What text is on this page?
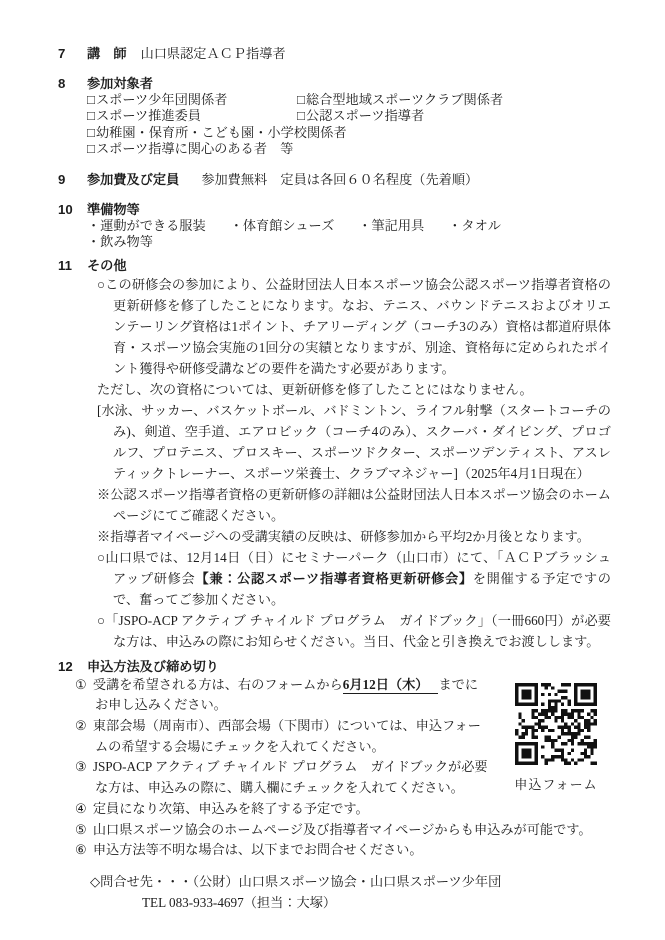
7	講　師 山口県認定ＡＣＰ指導者
8	参加対象者
□スポーツ少年団関係者	□総合型地域スポーツクラブ関係者
□スポーツ推進委員	□公認スポーツ指導者
□幼稚園・保育所・こども園・小学校関係者
□スポーツ指導に関心のある者　等
9	参加費及び定員 参加費無料　定員は各回６０名程度（先着順）
10	準備物等
・運動ができる服装 ・体育館シューズ ・筆記用具 ・タオル
・飲み物等
11	その他
○この研修会の参加により、公益財団法人日本スポーツ協会公認スポーツ指導者資格の更新研修を修了したことになります。なお、テニス、バウンドテニスおよびオリエンテーリング資格は1ポイント、チアリーディング（コーチ3のみ）資格は都道府県体育・スポーツ協会実施の1回分の実績となりますが、別途、資格毎に定められたポイント獲得や研修受講などの要件を満たす必要があります。
ただし、次の資格については、更新研修を修了したことにはなりません。
[水泳、サッカー、バスケットボール、バドミントン、ライフル射撃（スタートコーチのみ)、剣道、空手道、エアロビック（コーチ4のみ）、スクーバ・ダイビング、プロゴルフ、プロテニス、プロスキー、スポーツドクター、スポーツデンティスト、アスレティックトレーナー、スポーツ栄養士、クラブマネジャー]（2025年4月1日現在）
※公認スポーツ指導者資格の更新研修の詳細は公益財団法人日本スポーツ協会のホームページにてご確認ください。
※指導者マイページへの受講実績の反映は、研修参加から平均2か月後となります。
○山口県では、12月14日（日）にセミナーパーク（山口市）にて、「ＡＣＰブラッシュアップ研修会【兼：公認スポーツ指導者資格更新研修会】を開催する予定ですので、奮ってご参加ください。
○「JSPO-ACP アクティブ チャイルド プログラム　ガイドブック」（一冊660円）が必要な方は、申込みの際にお知らせください。当日、代金と引き換えでお渡しします。
12	申込方法及び締め切り
申込フォーム
① 受講を希望される方は、右のフォームから6月12日（木） までにお申し込みください。
② 東部会場（周南市）、西部会場（下関市）については、申込フォームの希望する会場にチェックを入れてください。
③ JSPO-ACP アクティブ チャイルド プログラム　ガイドブックが必要な方は、申込みの際に、購入欄にチェックを入れてください。
④ 定員になり次第、申込みを終了する予定です。
⑤ 山口県スポーツ協会のホームページ及び指導者マイページからも申込みが可能です。
⑥ 申込方法等不明な場合は、以下までお問合せください。
◇問合せ先・・・（公財）山口県スポーツ協会・山口県スポーツ少年団
TEL 083-933-4697（担当：大塚）
